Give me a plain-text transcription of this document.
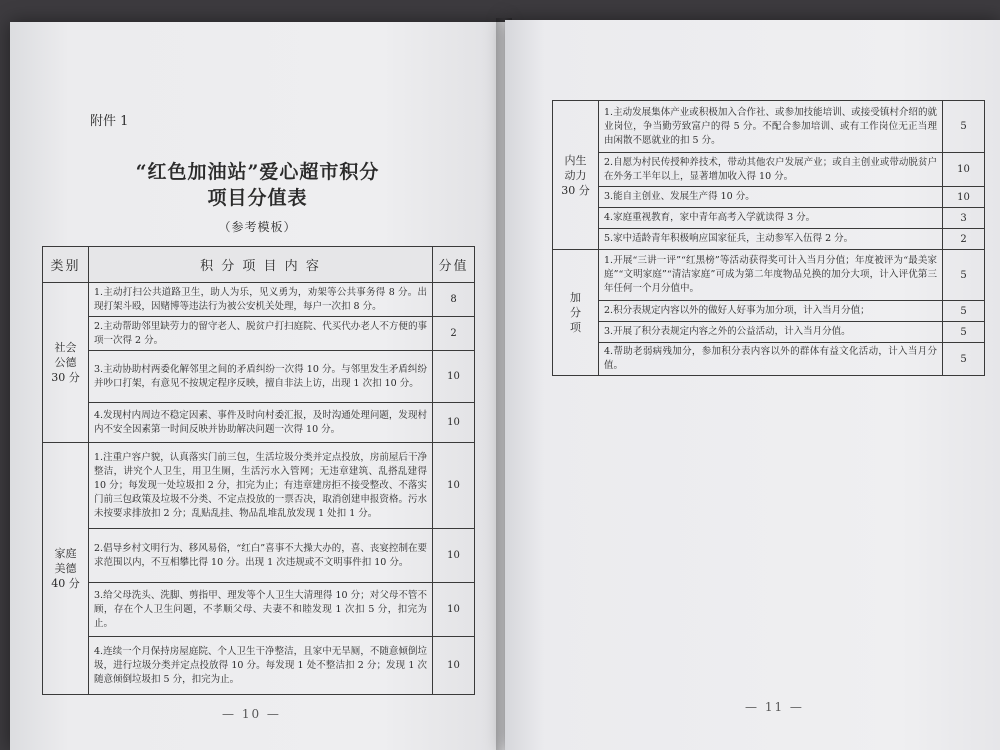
附件 1
“红色加油站”爱心超市积分
项目分值表
（参考模板）
类别	积 分 项 目 内 容	分值

社会
公德
30 分	1.主动打扫公共道路卫生，助人为乐，见义勇为，劝架等公共事务得 8 分。出现打架斗殴，因赌博等违法行为被公安机关处理，每户一次扣 8 分。	8
	2.主动帮助邻里缺劳力的留守老人、脱贫户打扫庭院、代买代办老人不方便的事项一次得 2 分。	2
	3.主动协助村两委化解邻里之间的矛盾纠纷一次得 10 分。与邻里发生矛盾纠纷并吵口打架，有意见不按规定程序反映，擅自非法上访，出现 1 次扣 10 分。	10
	4.发现村内周边不稳定因素、事件及时向村委汇报，及时沟通处理问题，发现村内不安全因素第一时间反映并协助解决问题一次得 10 分。	10

家庭
美德
40 分	1.注重户容户貌，认真落实门前三包，生活垃圾分类并定点投放，房前屋后干净整洁，讲究个人卫生，用卫生厕，生活污水入管网；无违章建筑、乱搭乱建得 10 分；每发现一处垃圾扣 2 分，扣完为止；有违章建房拒不接受整改、不落实门前三包政策及垃圾不分类、不定点投放的一票否决，取消创建申报资格。污水未按要求排放扣 2 分；乱贴乱挂、物品乱堆乱放发现 1 处扣 1 分。	10
	2.倡导乡村文明行为、移风易俗，“红白”喜事不大操大办的，喜、丧宴控制在要求范围以内，不互相攀比得 10 分。出现 1 次违规或不文明事件扣 10 分。	10
	3.给父母洗头、洗脚、剪指甲、理发等个人卫生大清理得 10 分；对父母不管不顾，存在个人卫生问题，不孝顺父母、夫妻不和睦发现 1 次扣 5 分，扣完为止。	10
	4.连续一个月保持房屋庭院、个人卫生干净整洁，且家中无旱厕，不随意倾倒垃圾，进行垃圾分类并定点投放得 10 分。每发现 1 处不整洁扣 2 分；发现 1 次随意倾倒垃圾扣 5 分，扣完为止。	10
— 10 —
内生
动力
30 分	1.主动发展集体产业或积极加入合作社、或参加技能培训、或接受镇村介绍的就业岗位，争当勤劳致富户的得 5 分。不配合参加培训、或有工作岗位无正当理由闲散不愿就业的扣 5 分。	5
	2.自愿为村民传授种养技术，带动其他农户发展产业；或自主创业或带动脱贫户在外务工半年以上，显著增加收入得 10 分。	10
	3.能自主创业、发展生产得 10 分。	10
	4.家庭重视教育，家中青年高考入学就读得 3 分。	3
	5.家中适龄青年积极响应国家征兵，主动参军入伍得 2 分。	2

加
分
项	1.开展“三讲一评”“红黑榜”等活动获得奖可计入当月分值；年度被评为“最美家庭”“文明家庭”“清洁家庭”可成为第二年度物品兑换的加分大项，计入评优第三年任何一个月分值中。	5
	2.积分表规定内容以外的做好人好事为加分项，计入当月分值；	5
	3.开展了积分表规定内容之外的公益活动，计入当月分值。	5
	4.帮助老弱病残加分，参加积分表内容以外的群体有益文化活动，计入当月分值。	5
— 11 —
